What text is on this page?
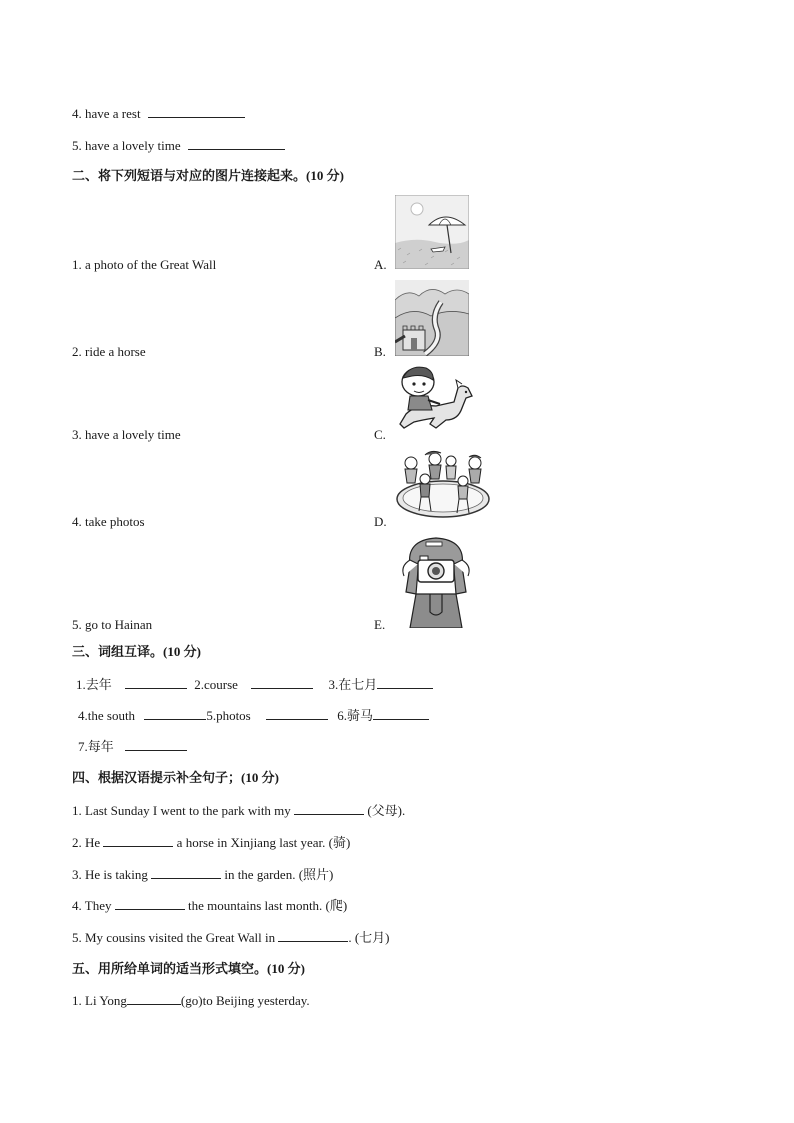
4. have a rest
5. have a lovely time
二、将下列短语与对应的图片连接起来。(10 分)
1. a photo of the Great Wall	A.
2. ride a horse	B.
3. have a lovely time	C.
4. take photos	D.
5. go to Hainan	E.
三、词组互译。(10 分)
1.去年	2.course	3.在七月
4.the south	5.photos	6.骑马
7.每年
四、根据汉语提示补全句子；(10 分)
1. Last Sunday I went to the park with my	(父母).
2. He	a horse in Xinjiang last year. (骑)
3. He is taking	in the garden. (照片)
4. They	the mountains last month. (爬)
5. My cousins visited the Great Wall in	. (七月)
五、用所给单词的适当形式填空。(10 分)
1. Li Yong	(go)to Beijing yesterday.
